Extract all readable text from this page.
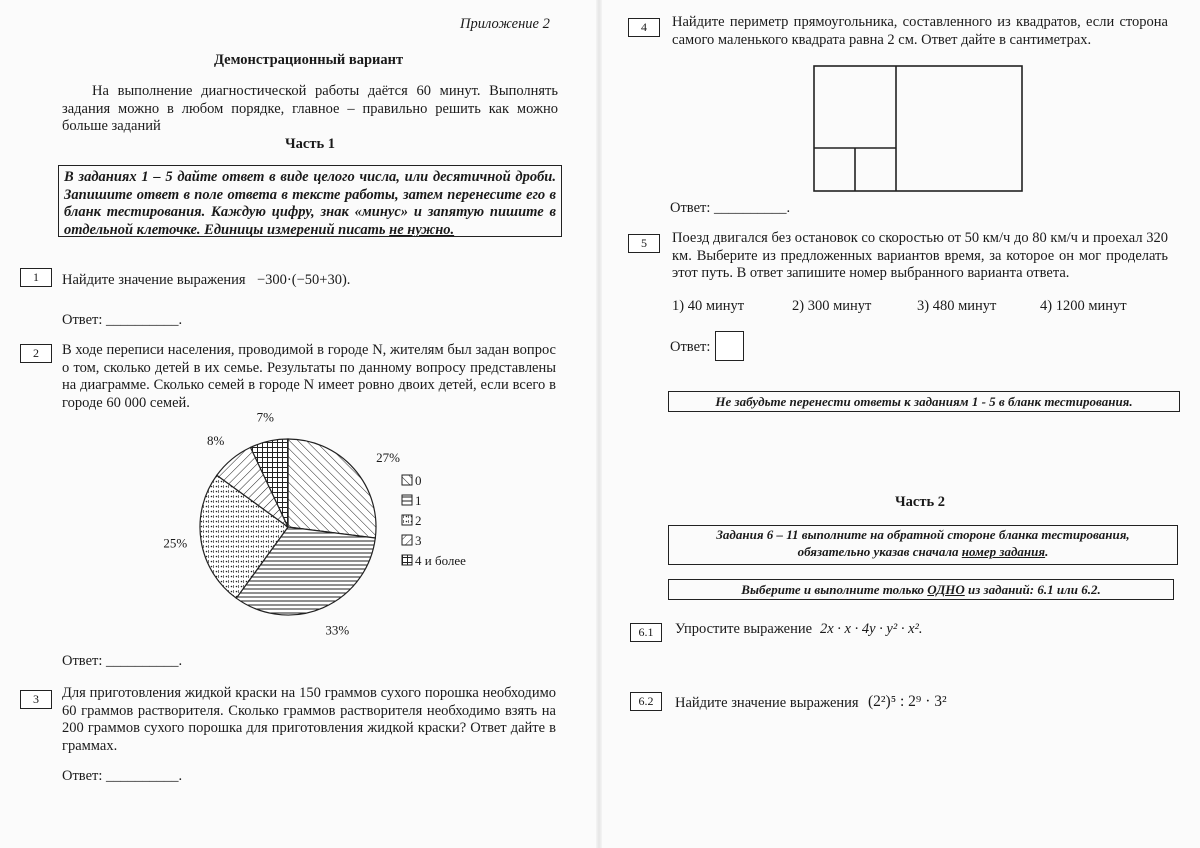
Приложение 2
Демонстрационный вариант
На выполнение диагностической работы даётся 60 минут. Выполнять задания можно в любом порядке, главное – правильно решить как можно больше заданий
Часть 1
В заданиях 1 – 5 дайте ответ в виде целого числа, или десятичной дроби. Запишите ответ в поле ответа в тексте работы, затем перенесите его в бланк тестирования. Каждую цифру, знак «минус» и запятую пишите в отдельной клеточке. Единицы измерений писать не нужно.
1	Найдите значение выражения −300·(−50+30).
Ответ: __________.
2	В ходе переписи населения, проводимой в городе N, жителям был задан вопрос о том, сколько детей в их семье. Результаты по данному вопросу представлены на диаграмме. Сколько семей в городе N имеет ровно двоих детей, если всего в городе 60 000 семей.
27%
33%
25%
8%
7%
0
1
2
3
4 и более
Ответ: __________.
3	Для приготовления жидкой краски на 150 граммов сухого порошка необходимо 60 граммов растворителя. Сколько граммов растворителя необходимо взять на 200 граммов сухого порошка для приготовления жидкой краски? Ответ дайте в граммах.
Ответ: __________.
4	Найдите периметр прямоугольника, составленного из квадратов, если сторона самого маленького квадрата равна 2 см. Ответ дайте в сантиметрах.
Ответ: __________.
5	Поезд двигался без остановок со скоростью от 50 км/ч до 80 км/ч и проехал 320 км. Выберите из предложенных вариантов время, за которое он мог проделать этот путь. В ответ запишите номер выбранного варианта ответа.
1) 40 минут	2) 300 минут	3) 480 минут	4) 1200 минут
Ответ:
Не забудьте перенести ответы к заданиям 1 - 5 в бланк тестирования.
Часть 2
Задания 6 – 11 выполните на обратной стороне бланка тестирования,
обязательно указав сначала номер задания.
Выберите и выполните только ОДНО из заданий: 6.1 или 6.2.
6.1	Упростите выражение 2x · x · 4y · y² · x².
6.2	Найдите значение выражения (2²)⁵ : 2⁹ · 3²
